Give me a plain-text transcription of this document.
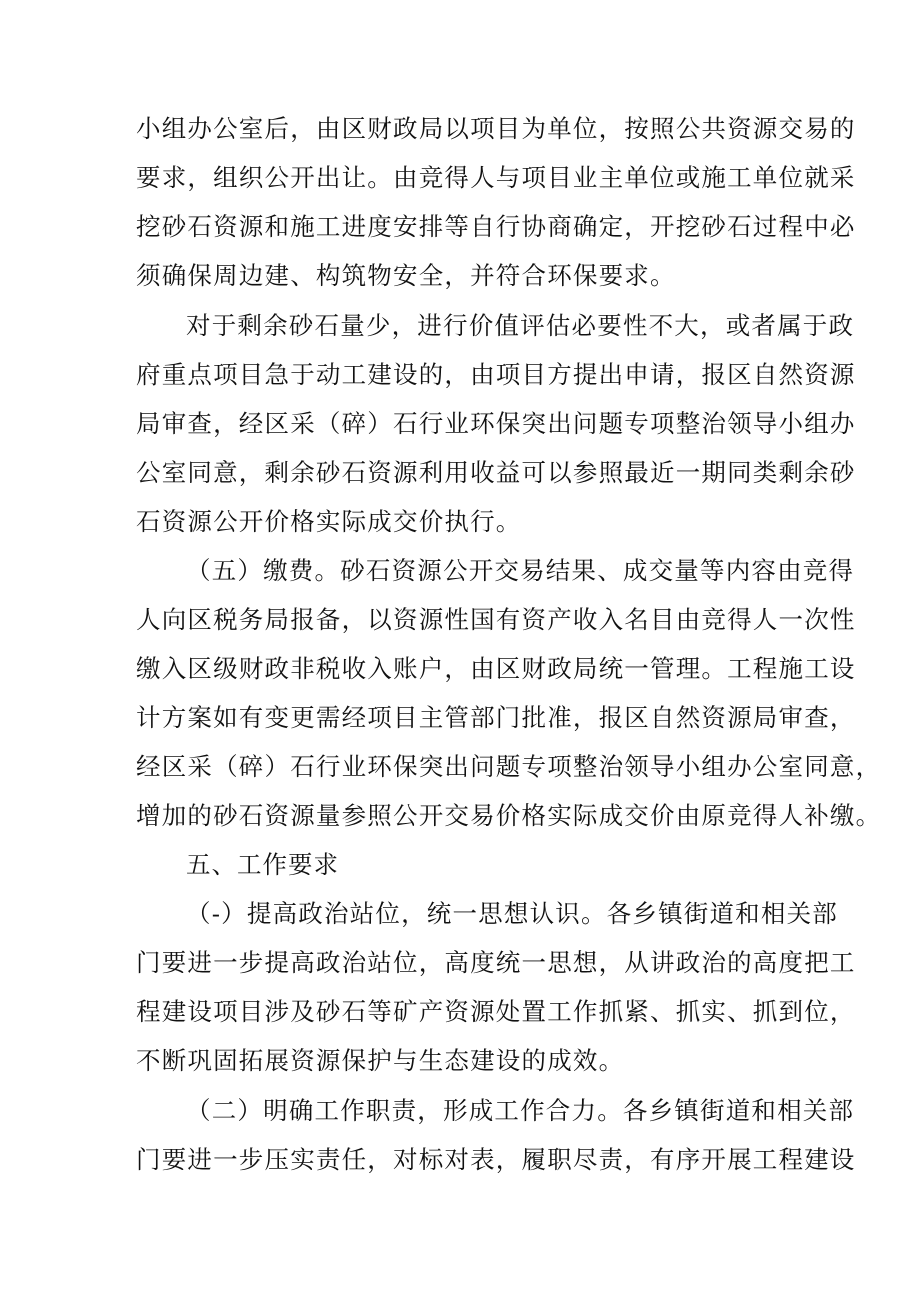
小组办公室后，由区财政局以项目为单位，按照公共资源交易的
要求，组织公开出让。由竞得人与项目业主单位或施工单位就采
挖砂石资源和施工进度安排等自行协商确定，开挖砂石过程中必
须确保周边建、构筑物安全，并符合环保要求。
对于剩余砂石量少，进行价值评估必要性不大，或者属于政
府重点项目急于动工建设的，由项目方提出申请，报区自然资源
局审查，经区采（碎）石行业环保突出问题专项整治领导小组办
公室同意，剩余砂石资源利用收益可以参照最近一期同类剩余砂
石资源公开价格实际成交价执行。
（五）缴费。砂石资源公开交易结果、成交量等内容由竞得
人向区税务局报备，以资源性国有资产收入名目由竞得人一次性
缴入区级财政非税收入账户，由区财政局统一管理。工程施工设
计方案如有变更需经项目主管部门批准，报区自然资源局审查，
经区采（碎）石行业环保突出问题专项整治领导小组办公室同意，
增加的砂石资源量参照公开交易价格实际成交价由原竞得人补缴。
五、工作要求
（-）提高政治站位，统一思想认识。各乡镇街道和相关部
门要进一步提高政治站位，高度统一思想，从讲政治的高度把工
程建设项目涉及砂石等矿产资源处置工作抓紧、抓实、抓到位，
不断巩固拓展资源保护与生态建设的成效。
（二）明确工作职责，形成工作合力。各乡镇街道和相关部
门要进一步压实责任，对标对表，履职尽责，有序开展工程建设
